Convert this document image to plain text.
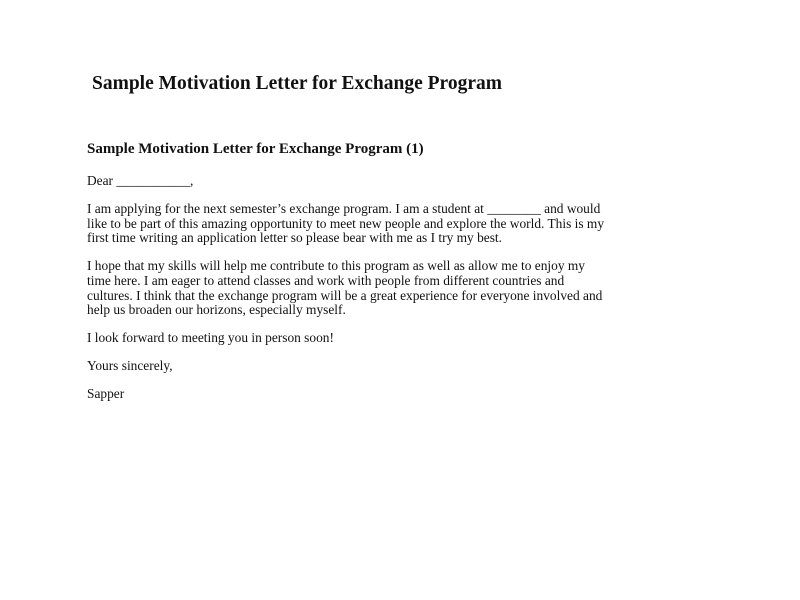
Sample Motivation Letter for Exchange Program
Sample Motivation Letter for Exchange Program (1)

Dear ___________,

I am applying for the next semester’s exchange program. I am a student at ________ and would
like to be part of this amazing opportunity to meet new people and explore the world. This is my
first time writing an application letter so please bear with me as I try my best.

I hope that my skills will help me contribute to this program as well as allow me to enjoy my
time here. I am eager to attend classes and work with people from different countries and
cultures. I think that the exchange program will be a great experience for everyone involved and
help us broaden our horizons, especially myself.

I look forward to meeting you in person soon!

Yours sincerely,

Sapper
